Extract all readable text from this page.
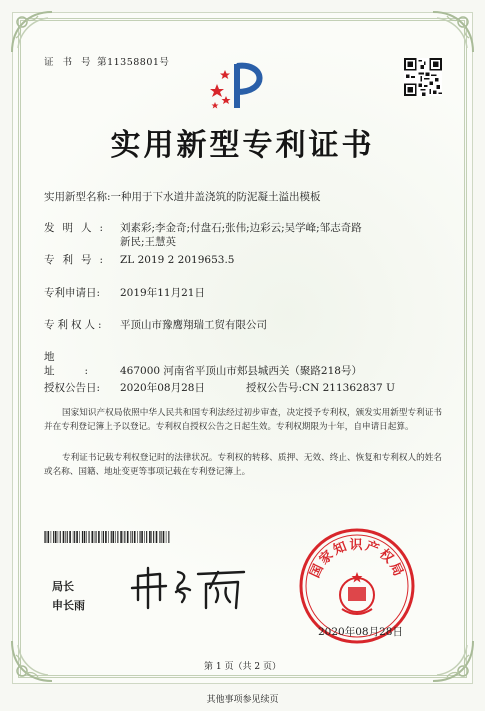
证 书 号 第11358801号
实用新型专利证书
实用新型名称:一种用于下水道井盖浇筑的防泥凝土溢出模板
发明人: 刘素彩;李金奇;付盘石;张伟;边彩云;吴学峰;邹志奇路新民;王慧英
专利号: ZL 2019 2 2019653.5
专利申请日: 2019年11月21日
专利权人: 平顶山市豫鹰翔瑞工贸有限公司
地址: 467000 河南省平顶山市郏县城西关（聚路218号）
授权公告日: 2020年08月28日	授权公告号:CN 211362837 U
国家知识产权局依照中华人民共和国专利法经过初步审查，决定授予专利权，颁发实用新型专利证书并在专利登记簿上予以登记。专利权自授权公告之日起生效。专利权期限为十年，自申请日起算。
专利证书记载专利权登记时的法律状况。专利权的转移、质押、无效、终止、恢复和专利权人的姓名或名称、国籍、地址变更等事项记载在专利登记簿上。
局长
申长雨
国家知识产权局
2020年08月28日
第 1 页（共 2 页）
其他事项参见续页
